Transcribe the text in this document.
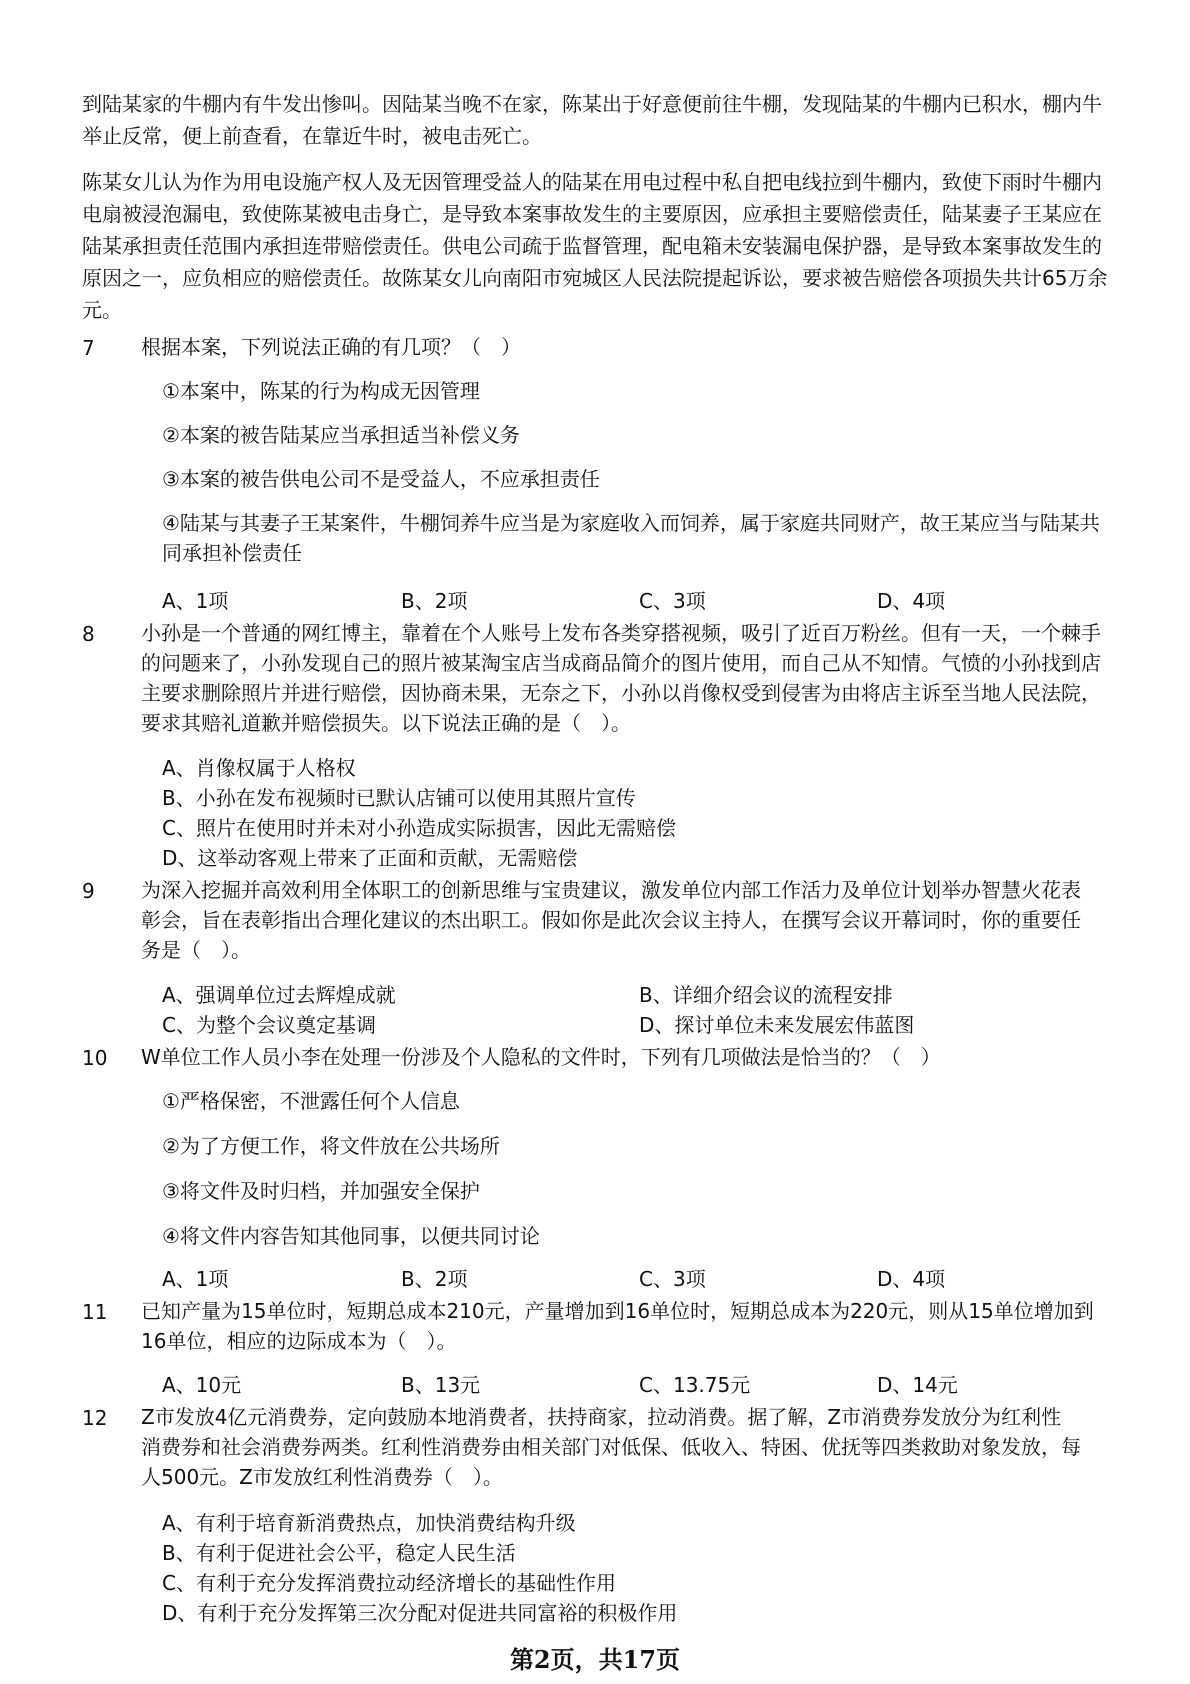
到陆某家的牛棚内有牛发出惨叫。因陆某当晚不在家，陈某出于好意便前往牛棚，发现陆某的牛棚内已积水，棚内牛举止反常，便上前查看，在靠近牛时，被电击死亡。

陈某女儿认为作为用电设施产权人及无因管理受益人的陆某在用电过程中私自把电线拉到牛棚内，致使下雨时牛棚内电扇被浸泡漏电，致使陈某被电击身亡，是导致本案事故发生的主要原因，应承担主要赔偿责任，陆某妻子王某应在陆某承担责任范围内承担连带赔偿责任。供电公司疏于监督管理，配电箱未安装漏电保护器，是导致本案事故发生的原因之一，应负相应的赔偿责任。故陈某女儿向南阳市宛城区人民法院提起诉讼，要求被告赔偿各项损失共计65万余元。

7 根据本案，下列说法正确的有几项？（　）

①本案中，陈某的行为构成无因管理

②本案的被告陆某应当承担适当补偿义务

③本案的被告供电公司不是受益人，不应承担责任

④陆某与其妻子王某案件，牛棚饲养牛应当是为家庭收入而饲养，属于家庭共同财产，故王某应当与陆某共同承担补偿责任

A、1项	B、2项	C、3项	D、4项
8 小孙是一个普通的网红博主，靠着在个人账号上发布各类穿搭视频，吸引了近百万粉丝。但有一天，一个棘手的问题来了，小孙发现自己的照片被某淘宝店当成商品简介的图片使用，而自己从不知情。气愤的小孙找到店主要求删除照片并进行赔偿，因协商未果，无奈之下，小孙以肖像权受到侵害为由将店主诉至当地人民法院，要求其赔礼道歉并赔偿损失。以下说法正确的是（　）。

A、肖像权属于人格权
B、小孙在发布视频时已默认店铺可以使用其照片宣传
C、照片在使用时并未对小孙造成实际损害，因此无需赔偿
D、这举动客观上带来了正面和贡献，无需赔偿
9 为深入挖掘并高效利用全体职工的创新思维与宝贵建议，激发单位内部工作活力及单位计划举办智慧火花表彰会，旨在表彰指出合理化建议的杰出职工。假如你是此次会议主持人，在撰写会议开幕词时，你的重要任务是（　）。

A、强调单位过去辉煌成就	B、详细介绍会议的流程安排
C、为整个会议奠定基调	D、探讨单位未来发展宏伟蓝图
10 W单位工作人员小李在处理一份涉及个人隐私的文件时，下列有几项做法是恰当的？（　）

①严格保密，不泄露任何个人信息

②为了方便工作，将文件放在公共场所

③将文件及时归档，并加强安全保护

④将文件内容告知其他同事，以便共同讨论

A、1项	B、2项	C、3项	D、4项
11 已知产量为15单位时，短期总成本210元，产量增加到16单位时，短期总成本为220元，则从15单位增加到16单位，相应的边际成本为（　）。

A、10元	B、13元	C、13.75元	D、14元
12 Z市发放4亿元消费券，定向鼓励本地消费者，扶持商家，拉动消费。据了解，Z市消费券发放分为红利性消费券和社会消费券两类。红利性消费券由相关部门对低保、低收入、特困、优抚等四类救助对象发放，每人500元。Z市发放红利性消费券（　）。

A、有利于培育新消费热点，加快消费结构升级
B、有利于促进社会公平，稳定人民生活
C、有利于充分发挥消费拉动经济增长的基础性作用
D、有利于充分发挥第三次分配对促进共同富裕的积极作用
第2页，共17页
